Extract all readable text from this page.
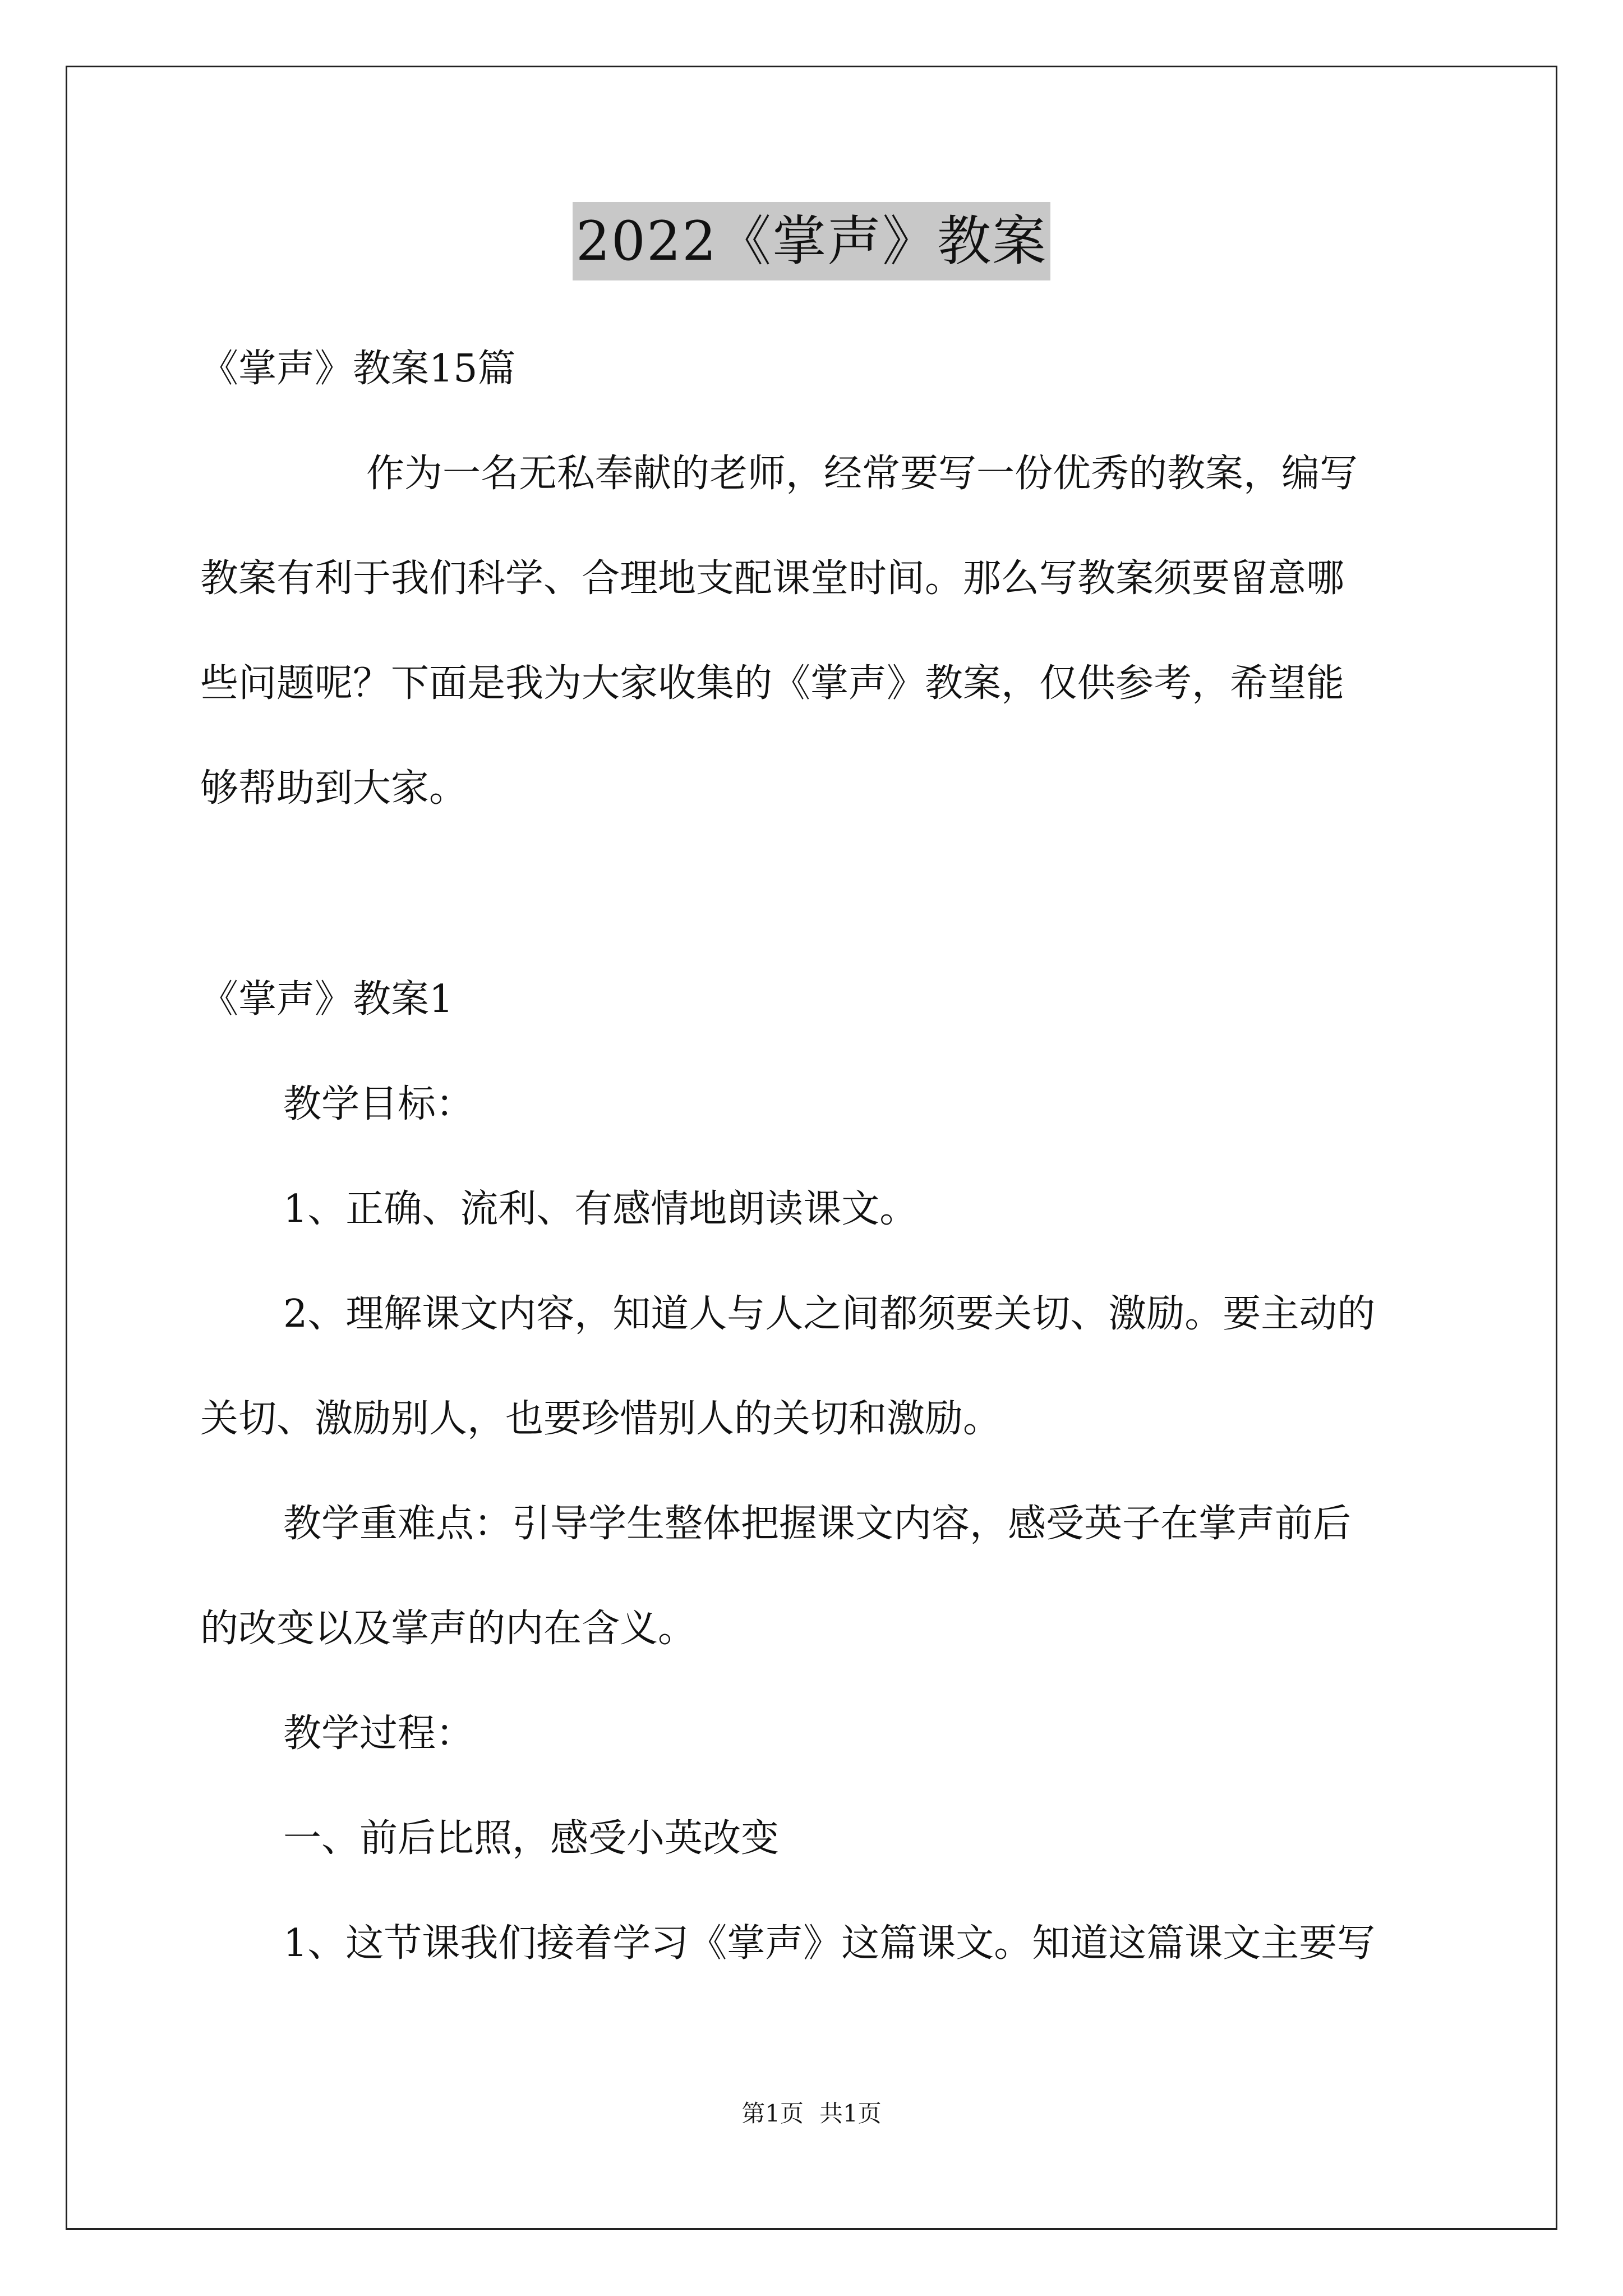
2022《掌声》教案
《掌声》教案15篇
作为一名无私奉献的老师，经常要写一份优秀的教案，编写
教案有利于我们科学、合理地支配课堂时间。那么写教案须要留意哪
些问题呢？下面是我为大家收集的《掌声》教案，仅供参考，希望能
够帮助到大家。
《掌声》教案1
教学目标：
1、正确、流利、有感情地朗读课文。
2、理解课文内容，知道人与人之间都须要关切、激励。要主动的
关切、激励别人，也要珍惜别人的关切和激励。
教学重难点：引导学生整体把握课文内容，感受英子在掌声前后
的改变以及掌声的内在含义。
教学过程：
一、前后比照，感受小英改变
1、这节课我们接着学习《掌声》这篇课文。知道这篇课文主要写
第1页 共1页
